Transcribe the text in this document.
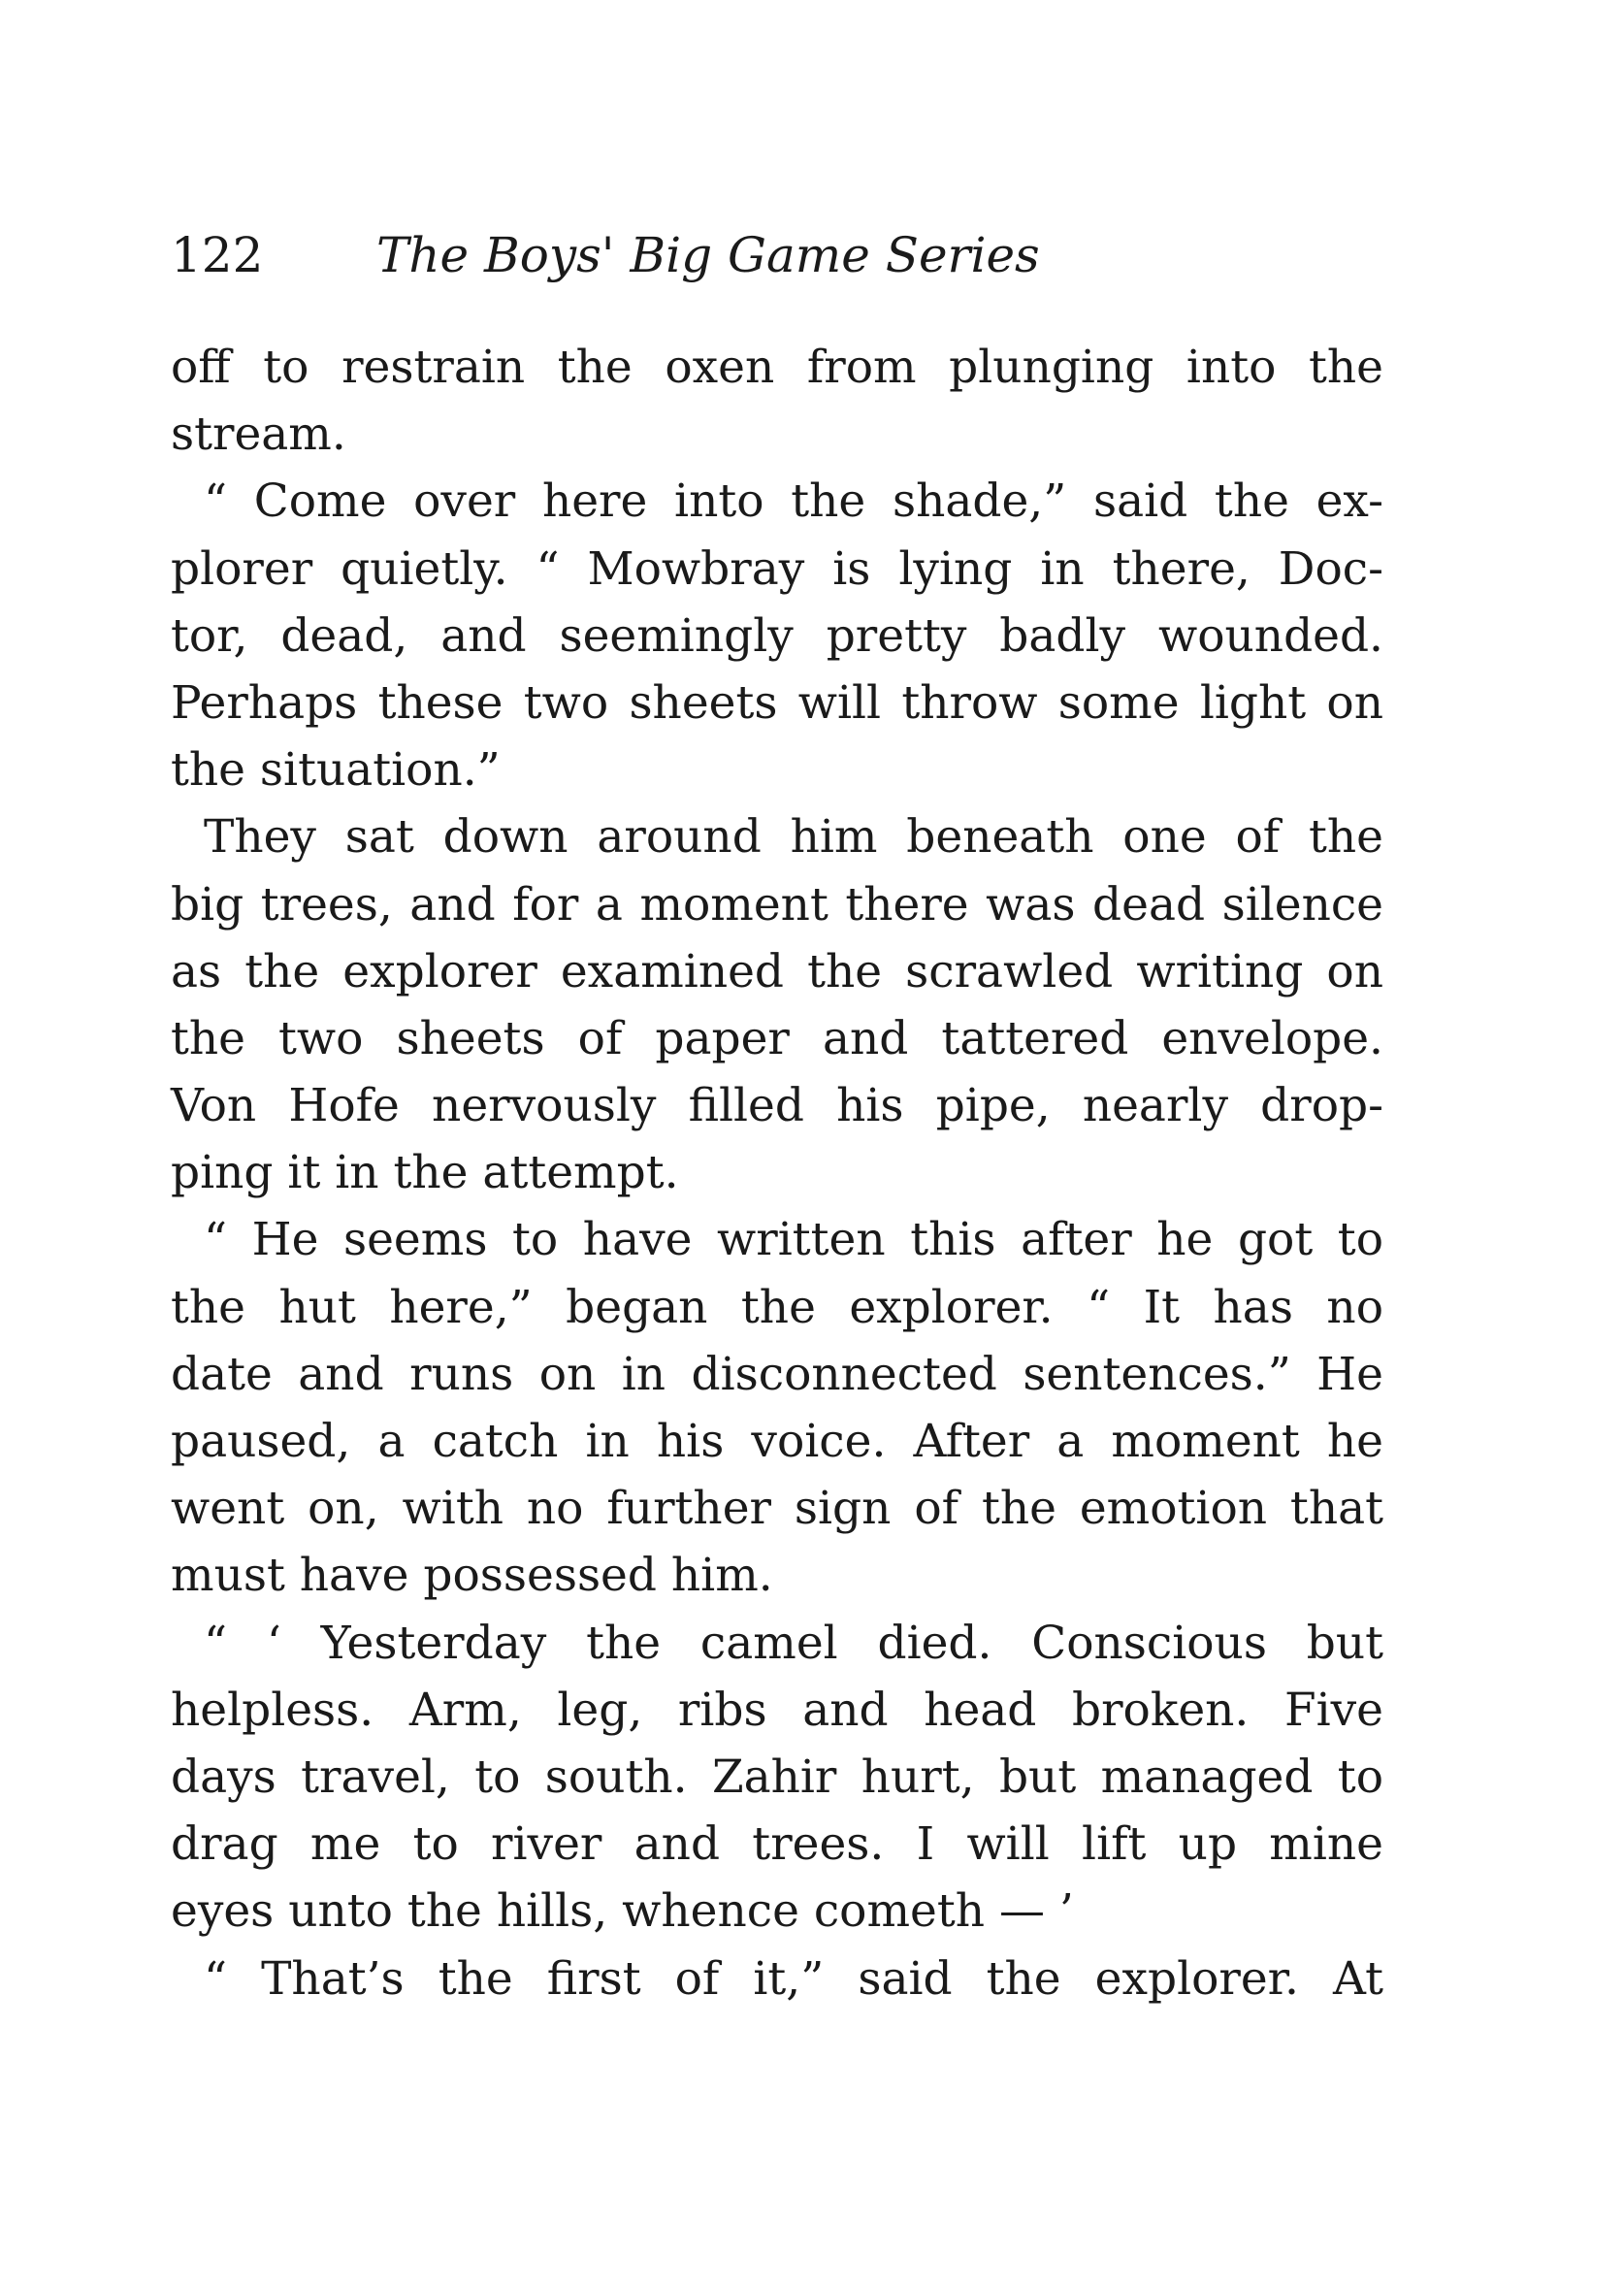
122 The Boys' Big Game Series
off to restrain the oxen from plunging into the
stream.
“ Come over here into the shade,” said the ex-
plorer quietly. “ Mowbray is lying in there, Doc-
tor, dead, and seemingly pretty badly wounded.
Perhaps these two sheets will throw some light on
the situation.”
They sat down around him beneath one of the
big trees, and for a moment there was dead silence
as the explorer examined the scrawled writing on
the two sheets of paper and tattered envelope.
Von Hofe nervously filled his pipe, nearly drop-
ping it in the attempt.
“ He seems to have written this after he got to
the hut here,” began the explorer. “ It has no
date and runs on in disconnected sentences.” He
paused, a catch in his voice. After a moment he
went on, with no further sign of the emotion that
must have possessed him.
“ ‘ Yesterday the camel died. Conscious but
helpless. Arm, leg, ribs and head broken. Five
days travel, to south. Zahir hurt, but managed to
drag me to river and trees. I will lift up mine
eyes unto the hills, whence cometh — ’
“ That’s the first of it,” said the explorer. At
